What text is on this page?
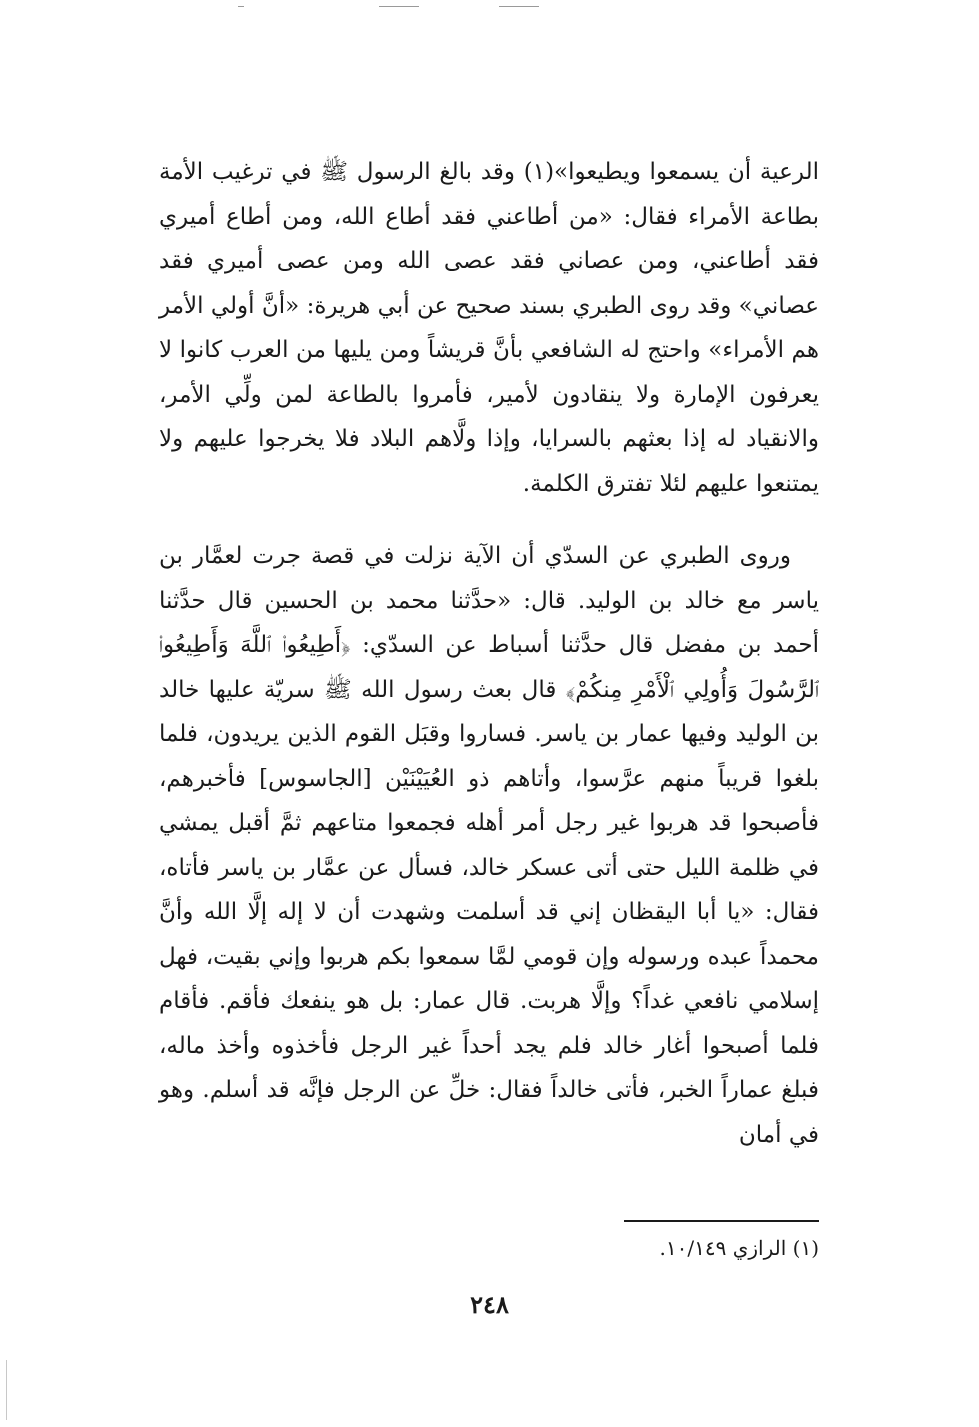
الرعية أن يسمعوا ويطيعوا»(١) وقد بالغ الرسول ﷺ في ترغيب الأمة بطاعة الأمراء فقال: «من أطاعني فقد أطاع الله، ومن أطاع أميري فقد أطاعني، ومن عصاني فقد عصى الله ومن عصى أميري فقد عصاني» وقد روى الطبري بسند صحيح عن أبي هريرة: «أنَّ أولي الأمر هم الأمراء» واحتج له الشافعي بأنَّ قريشاً ومن يليها من العرب كانوا لا يعرفون الإمارة ولا ينقادون لأمير، فأمروا بالطاعة لمن ولِّي الأمر، والانقياد له إذا بعثهم بالسرايا، وإذا ولَّاهم البلاد فلا يخرجوا عليهم ولا يمتنعوا عليهم لئلا تفترق الكلمة.

وروى الطبري عن السدّي أن الآية نزلت في قصة جرت لعمَّار بن ياسر مع خالد بن الوليد. قال: «حدَّثنا محمد بن الحسين قال حدَّثنا أحمد بن مفضل قال حدَّثنا أسباط عن السدّي: ﴿أَطِيعُوا۟ ٱللَّهَ وَأَطِيعُوا۟ ٱلرَّسُولَ وَأُولِي ٱلْأَمْرِ مِنكُمْ﴾ قال بعث رسول الله ﷺ سريّة عليها خالد بن الوليد وفيها عمار بن ياسر. فساروا وقبَل القوم الذين يريدون، فلما بلغوا قريباً منهم عرَّسوا، وأتاهم ذو العُيَيْنَيْن [الجاسوس] فأخبرهم، فأصبحوا قد هربوا غير رجل أمر أهله فجمعوا متاعهم ثمَّ أقبل يمشي في ظلمة الليل حتى أتى عسكر خالد، فسأل عن عمَّار بن ياسر فأتاه، فقال: «يا أبا اليقظان إني قد أسلمت وشهدت أن لا إله إلَّا الله وأنَّ محمداً عبده ورسوله وإن قومي لمَّا سمعوا بكم هربوا وإني بقيت، فهل إسلامي نافعي غداً؟ وإلَّا هربت. قال عمار: بل هو ينفعك فأقم. فأقام فلما أصبحوا أغار خالد فلم يجد أحداً غير الرجل فأخذوه وأخذ ماله، فبلغ عماراً الخبر، فأتى خالداً فقال: خلِّ عن الرجل فإنَّه قد أسلم. وهو في أمان

(١) الرازي ١٠/١٤٩.
٢٤٨
